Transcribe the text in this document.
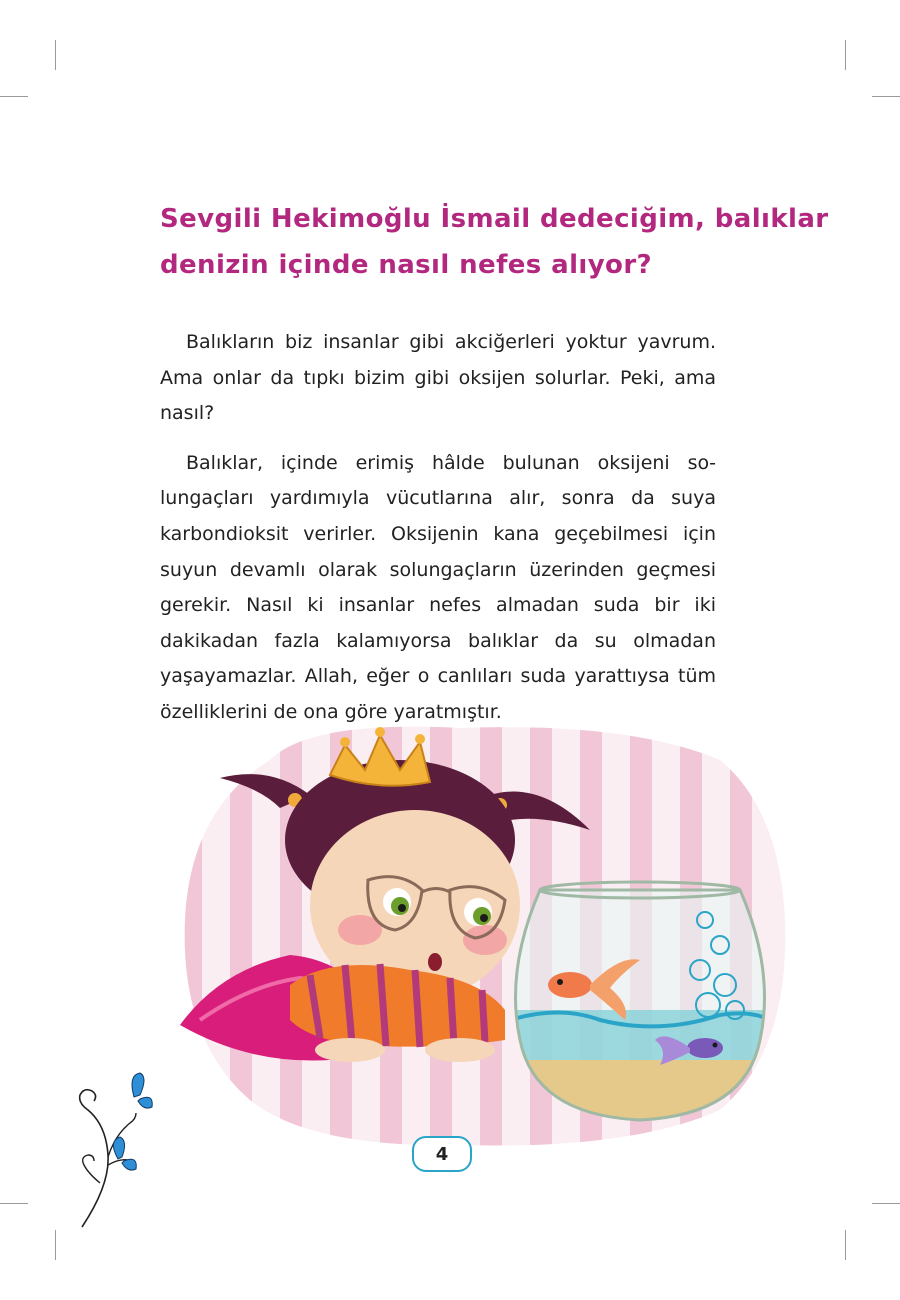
Sevgili Hekimoğlu İsmail dedeciğim, balıklar
denizin içinde nasıl nefes alıyor?

Balıkların biz insanlar gibi akciğerleri yoktur yavrum. Ama onlar da tıpkı bizim gibi oksijen solurlar. Peki, ama nasıl?

Balıklar, içinde erimiş hâlde bulunan oksijeni solungaçları yardımıyla vücutlarına alır, sonra da suya karbondioksit verirler. Oksijenin kana geçebilmesi için suyun devamlı olarak solungaçların üzerinden geçmesi gerekir. Nasıl ki insanlar nefes almadan suda bir iki dakikadan fazla kalamıyorsa balıklar da su olmadan yaşayamazlar. Allah, eğer o canlıları suda yarattıysa tüm özelliklerini de ona göre yaratmıştır.

4
